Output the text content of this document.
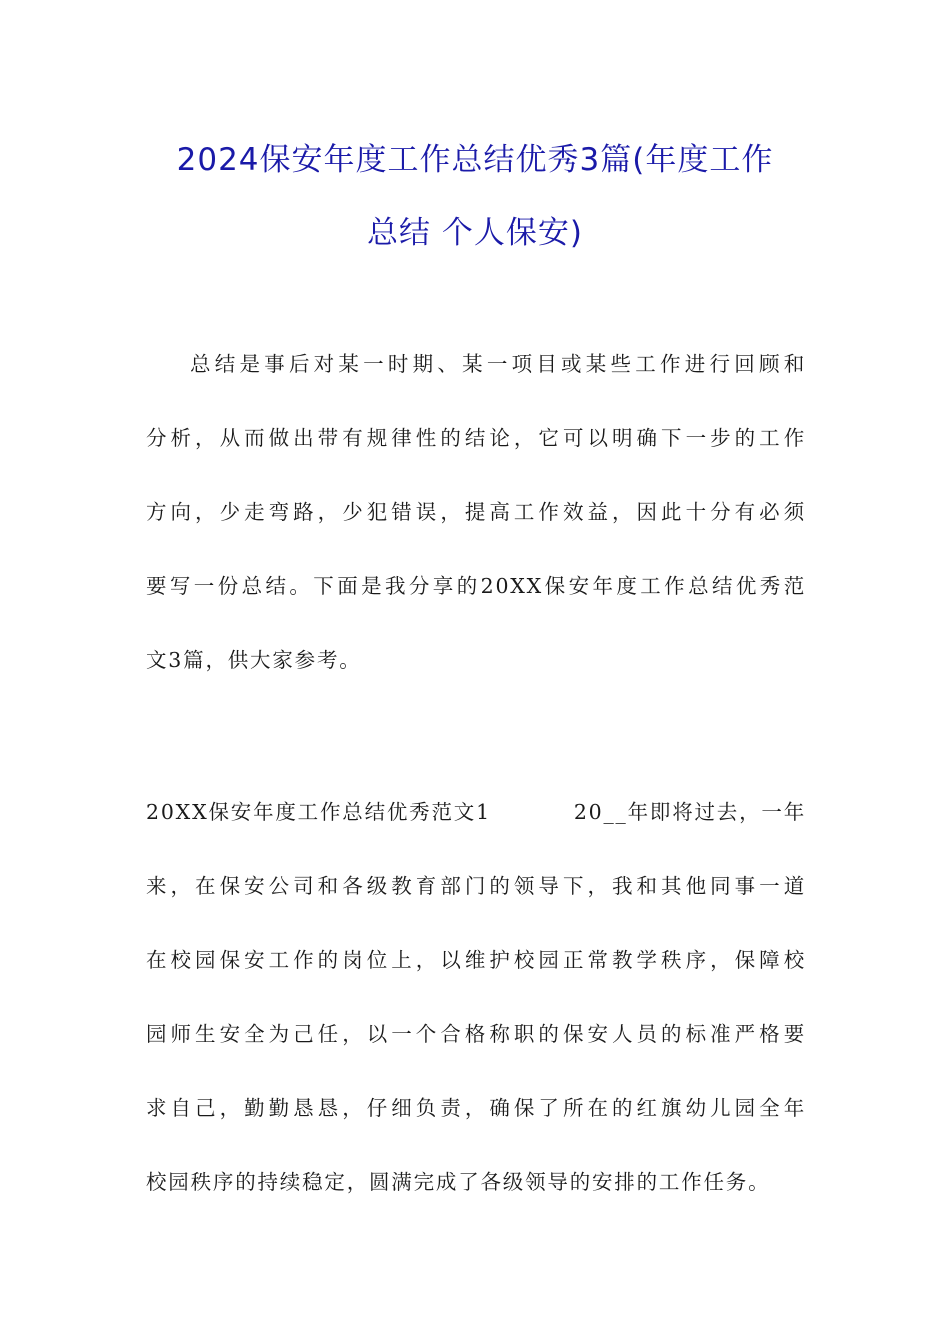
2024保安年度工作总结优秀3篇(年度工作
总结 个人保安)
总结是事后对某一时期、某一项目或某些工作进行回顾和
分析，从而做出带有规律性的结论，它可以明确下一步的工作
方向，少走弯路，少犯错误，提高工作效益，因此十分有必须
要写一份总结。下面是我分享的20XX保安年度工作总结优秀范
文3篇，供大家参考。
20XX保安年度工作总结优秀范文1	20__年即将过去，一年
来，在保安公司和各级教育部门的领导下，我和其他同事一道
在校园保安工作的岗位上，以维护校园正常教学秩序，保障校
园师生安全为己任，以一个合格称职的保安人员的标准严格要
求自己，勤勤恳恳，仔细负责，确保了所在的红旗幼儿园全年
校园秩序的持续稳定，圆满完成了各级领导的安排的工作任务。
